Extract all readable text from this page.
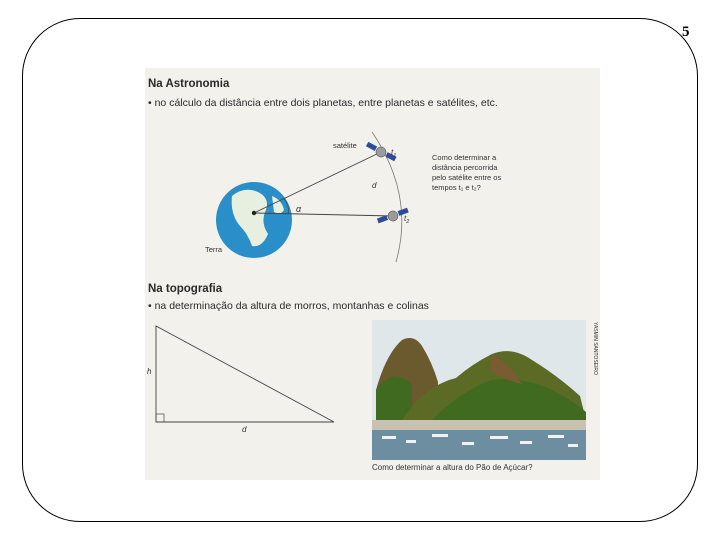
5
Na Astronomia
• no cálculo da distância entre dois planetas, entre planetas e satélites, etc.
satélite
$t_1$
$t_2$
d
α
Terra
Como determinar a
distância percorrida
pelo satélite entre os
tempos t₁ e t₂?
Na topografia
• na determinação da altura de morros, montanhas e colinas
h
d
YASMIN SANTOSEIRO
Como determinar a altura do Pão de Açúcar?
